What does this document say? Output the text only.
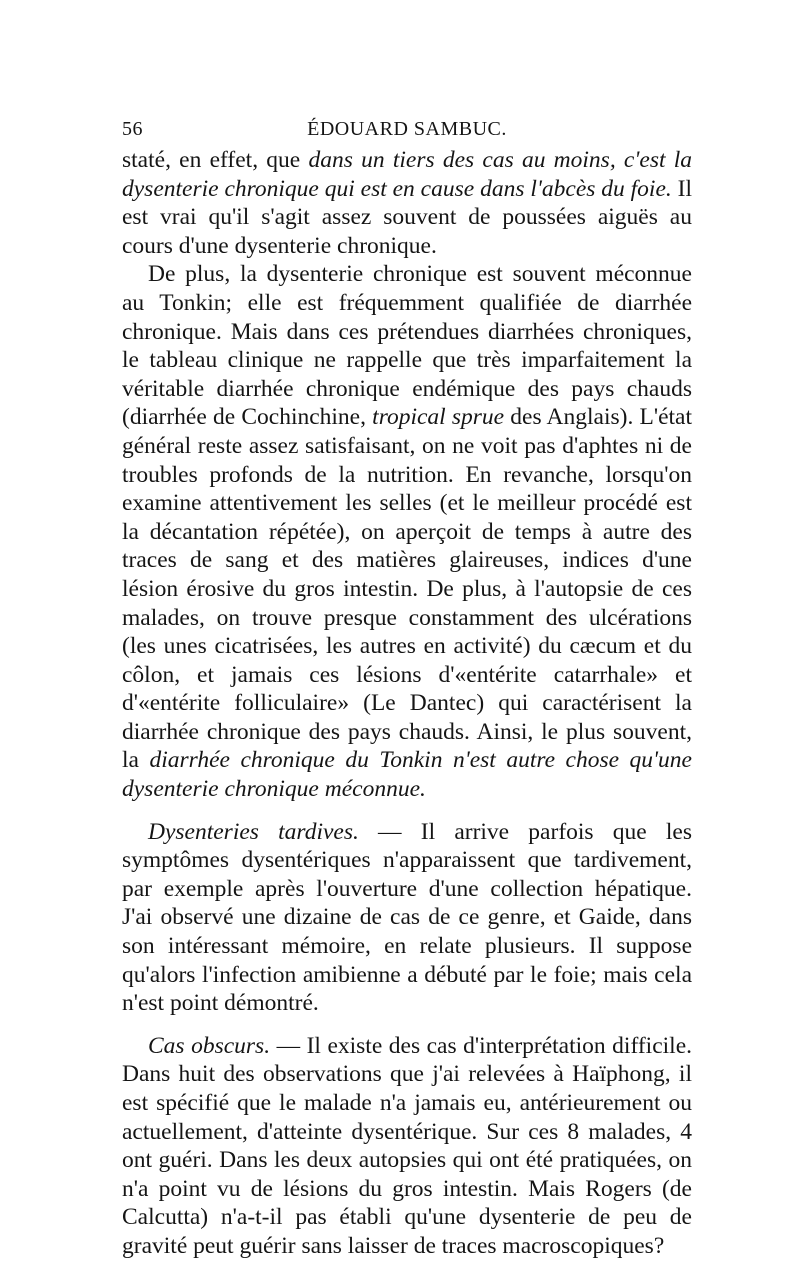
56	ÉDOUARD SAMBUC.

staté, en effet, que dans un tiers des cas au moins, c'est la dysenterie chronique qui est en cause dans l'abcès du foie. Il est vrai qu'il s'agit assez souvent de poussées aiguës au cours d'une dysenterie chronique.

De plus, la dysenterie chronique est souvent méconnue au Tonkin; elle est fréquemment qualifiée de diarrhée chronique. Mais dans ces prétendues diarrhées chroniques, le tableau clinique ne rappelle que très imparfaitement la véritable diarrhée chronique endémique des pays chauds (diarrhée de Cochinchine, tropical sprue des Anglais). L'état général reste assez satisfaisant, on ne voit pas d'aphtes ni de troubles profonds de la nutrition. En revanche, lorsqu'on examine attentivement les selles (et le meilleur procédé est la décantation répétée), on aperçoit de temps à autre des traces de sang et des matières glaireuses, indices d'une lésion érosive du gros intestin. De plus, à l'autopsie de ces malades, on trouve presque constamment des ulcérations (les unes cicatrisées, les autres en activité) du cæcum et du côlon, et jamais ces lésions d'«entérite catarrhale» et d'«entérite folliculaire» (Le Dantec) qui caractérisent la diarrhée chronique des pays chauds. Ainsi, le plus souvent, la diarrhée chronique du Tonkin n'est autre chose qu'une dysenterie chronique méconnue.

Dysenteries tardives. — Il arrive parfois que les symptômes dysentériques n'apparaissent que tardivement, par exemple après l'ouverture d'une collection hépatique. J'ai observé une dizaine de cas de ce genre, et Gaide, dans son intéressant mémoire, en relate plusieurs. Il suppose qu'alors l'infection amibienne a débuté par le foie; mais cela n'est point démontré.

Cas obscurs. — Il existe des cas d'interprétation difficile. Dans huit des observations que j'ai relevées à Haïphong, il est spécifié que le malade n'a jamais eu, antérieurement ou actuellement, d'atteinte dysentérique. Sur ces 8 malades, 4 ont guéri. Dans les deux autopsies qui ont été pratiquées, on n'a point vu de lésions du gros intestin. Mais Rogers (de Calcutta) n'a-t-il pas établi qu'une dysenterie de peu de gravité peut guérir sans laisser de traces macroscopiques?
